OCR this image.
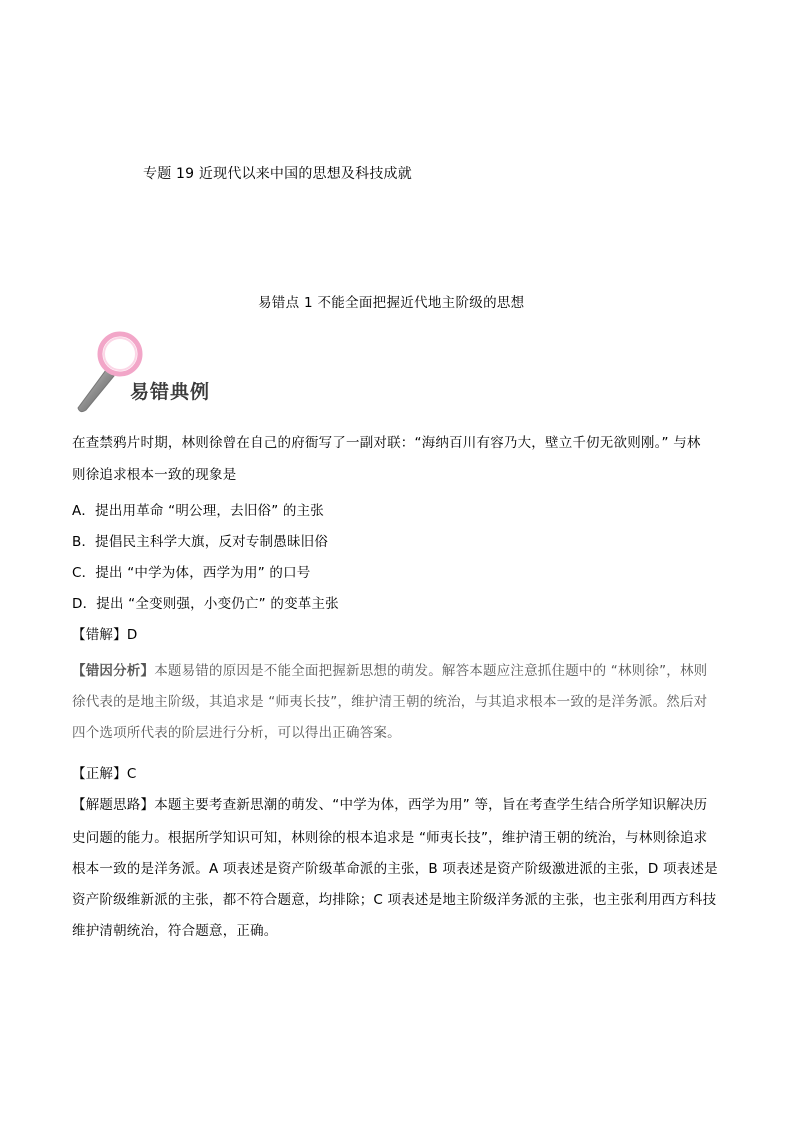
专题 19 近现代以来中国的思想及科技成就
易错点 1 不能全面把握近代地主阶级的思想
易错典例
在查禁鸦片时期，林则徐曾在自己的府衙写了一副对联：“海纳百川有容乃大，壁立千仞无欲则刚。” 与林
则徐追求根本一致的现象是
A．提出用革命 “明公理，去旧俗” 的主张
B．提倡民主科学大旗，反对专制愚昧旧俗
C．提出 “中学为体，西学为用” 的口号
D．提出 “全变则强，小变仍亡” 的变革主张
【错解】D
【错因分析】本题易错的原因是不能全面把握新思想的萌发。解答本题应注意抓住题中的 “林则徐”，林则
徐代表的是地主阶级，其追求是 “师夷长技”，维护清王朝的统治，与其追求根本一致的是洋务派。然后对
四个选项所代表的阶层进行分析，可以得出正确答案。
【正解】C
【解题思路】本题主要考查新思潮的萌发、“中学为体，西学为用” 等，旨在考查学生结合所学知识解决历
史问题的能力。根据所学知识可知，林则徐的根本追求是 “师夷长技”，维护清王朝的统治，与林则徐追求
根本一致的是洋务派。A 项表述是资产阶级革命派的主张，B 项表述是资产阶级激进派的主张，D 项表述是
资产阶级维新派的主张，都不符合题意，均排除；C 项表述是地主阶级洋务派的主张，也主张利用西方科技
维护清朝统治，符合题意，正确。
